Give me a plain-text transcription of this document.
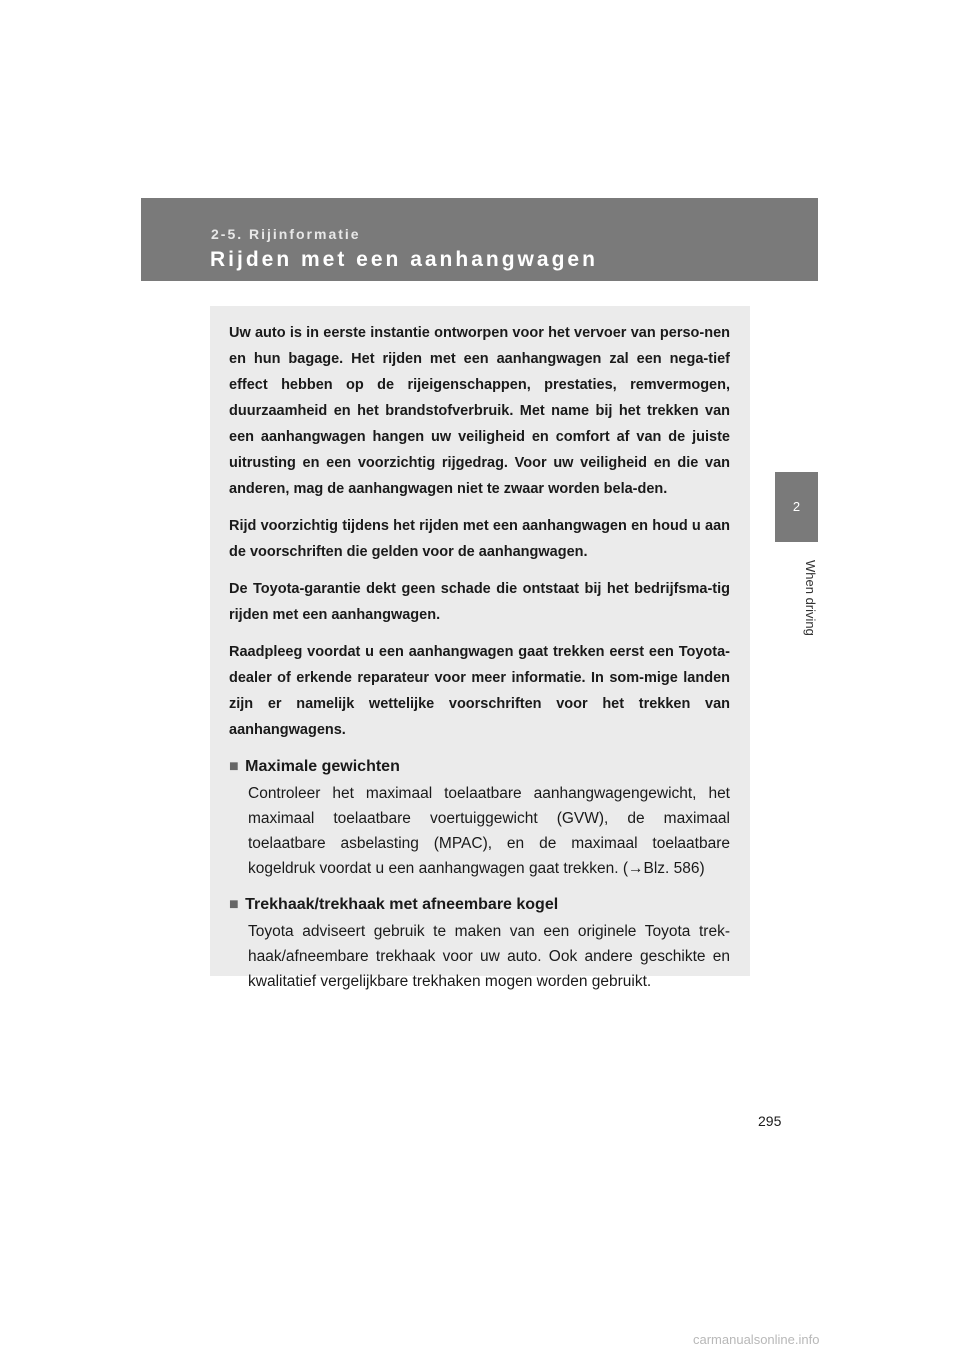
2-5. Rijinformatie
Rijden met een aanhangwagen
2
When driving

Uw auto is in eerste instantie ontworpen voor het vervoer van perso-nen en hun bagage. Het rijden met een aanhangwagen zal een nega-tief effect hebben op de rijeigenschappen, prestaties, remvermogen, duurzaamheid en het brandstofverbruik. Met name bij het trekken van een aanhangwagen hangen uw veiligheid en comfort af van de juiste uitrusting en een voorzichtig rijgedrag. Voor uw veiligheid en die van anderen, mag de aanhangwagen niet te zwaar worden bela-den.

Rijd voorzichtig tijdens het rijden met een aanhangwagen en houd u aan de voorschriften die gelden voor de aanhangwagen.

De Toyota-garantie dekt geen schade die ontstaat bij het bedrijfsma-tig rijden met een aanhangwagen.

Raadpleeg voordat u een aanhangwagen gaat trekken eerst een Toyota-dealer of erkende reparateur voor meer informatie. In som-mige landen zijn er namelijk wettelijke voorschriften voor het trekken van aanhangwagens.

■ Maximale gewichten
Controleer het maximaal toelaatbare aanhangwagengewicht, het maximaal toelaatbare voertuiggewicht (GVW), de maximaal toelaatbare asbelasting (MPAC), en de maximaal toelaatbare kogeldruk voordat u een aanhangwagen gaat trekken. (→Blz. 586)
■ Trekhaak/trekhaak met afneembare kogel
Toyota adviseert gebruik te maken van een originele Toyota trek-haak/afneembare trekhaak voor uw auto. Ook andere geschikte en kwalitatief vergelijkbare trekhaken mogen worden gebruikt.
295
carmanualsonline.info
